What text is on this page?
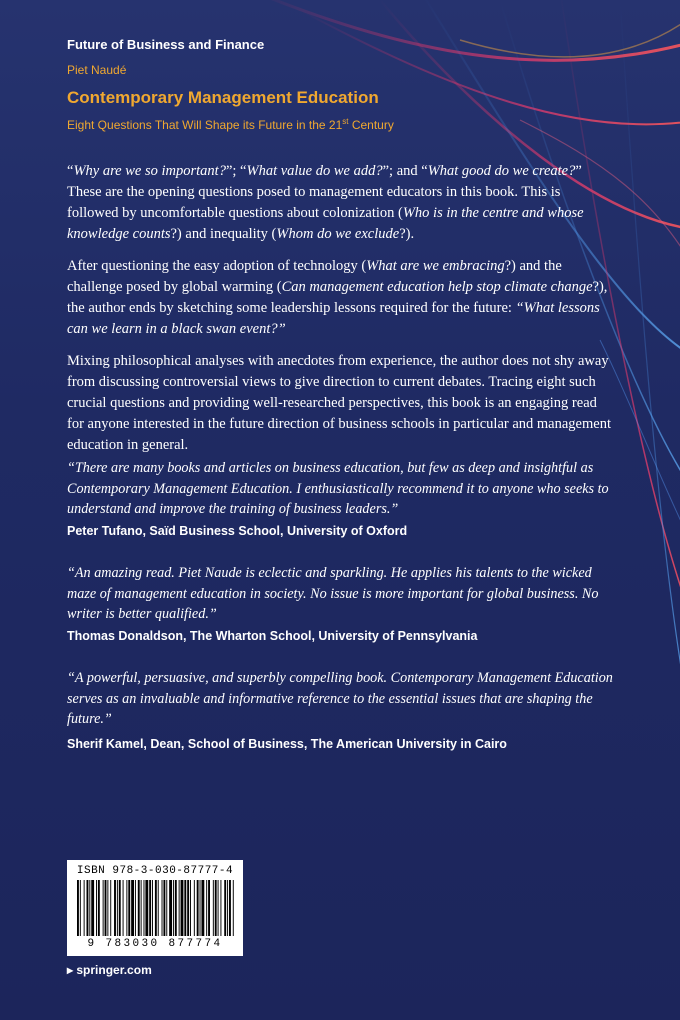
Future of Business and Finance
Piet Naudé
Contemporary Management Education
Eight Questions That Will Shape its Future in the 21st Century

“Why are we so important?”; “What value do we add?”; and “What good do we create?” These are the opening questions posed to management educators in this book. This is followed by uncomfortable questions about colonization (Who is in the centre and whose knowledge counts?) and inequality (Whom do we exclude?).

After questioning the easy adoption of technology (What are we embracing?) and the challenge posed by global warming (Can management education help stop climate change?), the author ends by sketching some leadership lessons required for the future: “What lessons can we learn in a black swan event?”

Mixing philosophical analyses with anecdotes from experience, the author does not shy away from discussing controversial views to give direction to current debates. Tracing eight such crucial questions and providing well-researched perspectives, this book is an engaging read for anyone interested in the future direction of business schools in particular and management education in general.

“There are many books and articles on business education, but few as deep and insightful as Contemporary Management Education. I enthusiastically recommend it to anyone who seeks to understand and improve the training of business leaders.”
Peter Tufano, Saïd Business School, University of Oxford
“An amazing read. Piet Naude is eclectic and sparkling. He applies his talents to the wicked maze of management education in society. No issue is more important for global business. No writer is better qualified.”
Thomas Donaldson, The Wharton School, University of Pennsylvania
“A powerful, persuasive, and superbly compelling book. Contemporary Management Education serves as an invaluable and informative reference to the essential issues that are shaping the future.”
Sherif Kamel, Dean, School of Business, The American University in Cairo
ISBN 978-3-030-87777-4
9 783030 877774
▸ springer.com
